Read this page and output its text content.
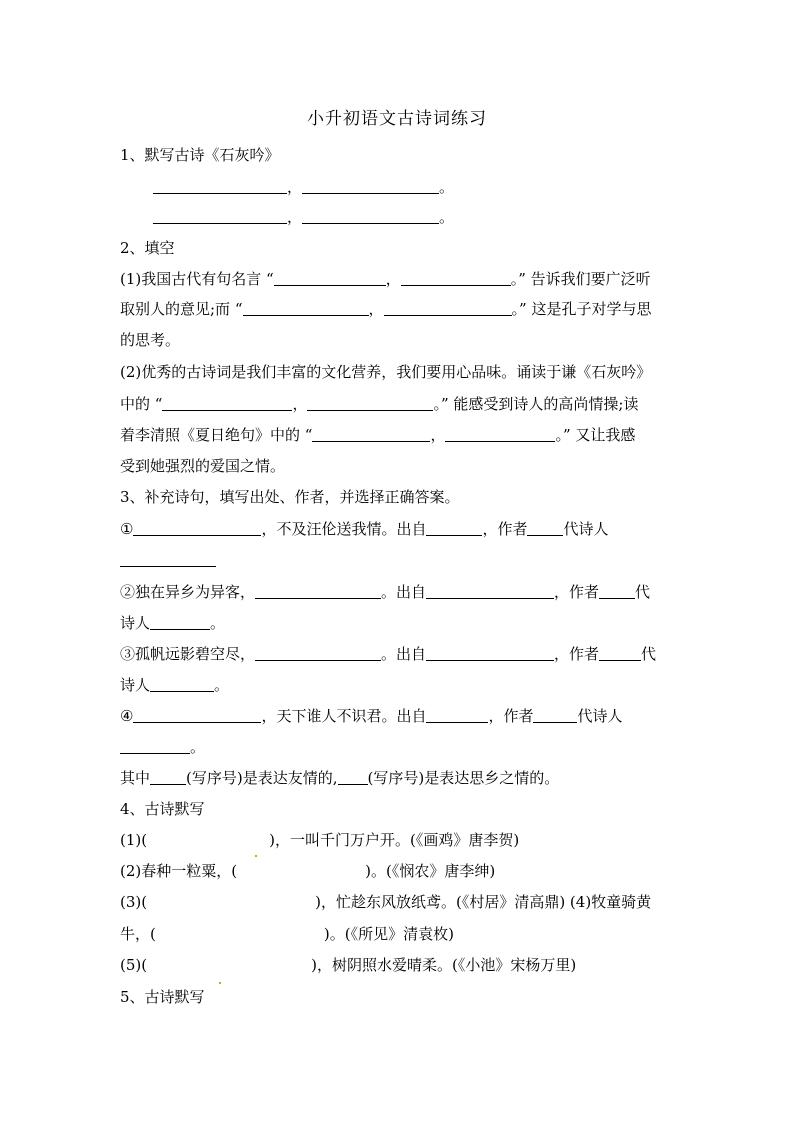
小升初语文古诗词练习
1、默写古诗《石灰吟》
，	。
，	。
2、填空
(1)我国古代有句名言 “	，	。” 告诉我们要广泛听
取别人的意见;而 “	，	。” 这是孔子对学与思
的思考。
(2)优秀的古诗词是我们丰富的文化营养，我们要用心品味。诵读于谦《石灰吟》
中的 “	，	。” 能感受到诗人的高尚情操;读
着李清照《夏日绝句》中的 “	，	。” 又让我感
受到她强烈的爱国之情。
3、补充诗句，填写出处、作者，并选择正确答案。
①	，不及汪伦送我情。出自	，作者 代诗人
②独在异乡为异客，	。出自	，作者 代
诗人	。
③孤帆远影碧空尽，	。出自	，作者	代
诗人	。
④	，天下谁人不识君。出自	，作者	代诗人
。
其中 (写序号)是表达友情的, (写序号)是表达思乡之情的。
4、古诗默写
(1)(	)，一叫千门万户开。(《画鸡》唐李贺)
(2)春种一粒粟，(	)。(《悯农》唐李绅)
(3)(	)，忙趁东风放纸鸢。(《村居》清高鼎) (4)牧童骑黄
牛，(	)。(《所见》清袁枚)
(5)(	)，树阴照水爱晴柔。(《小池》宋杨万里)
5、古诗默写
